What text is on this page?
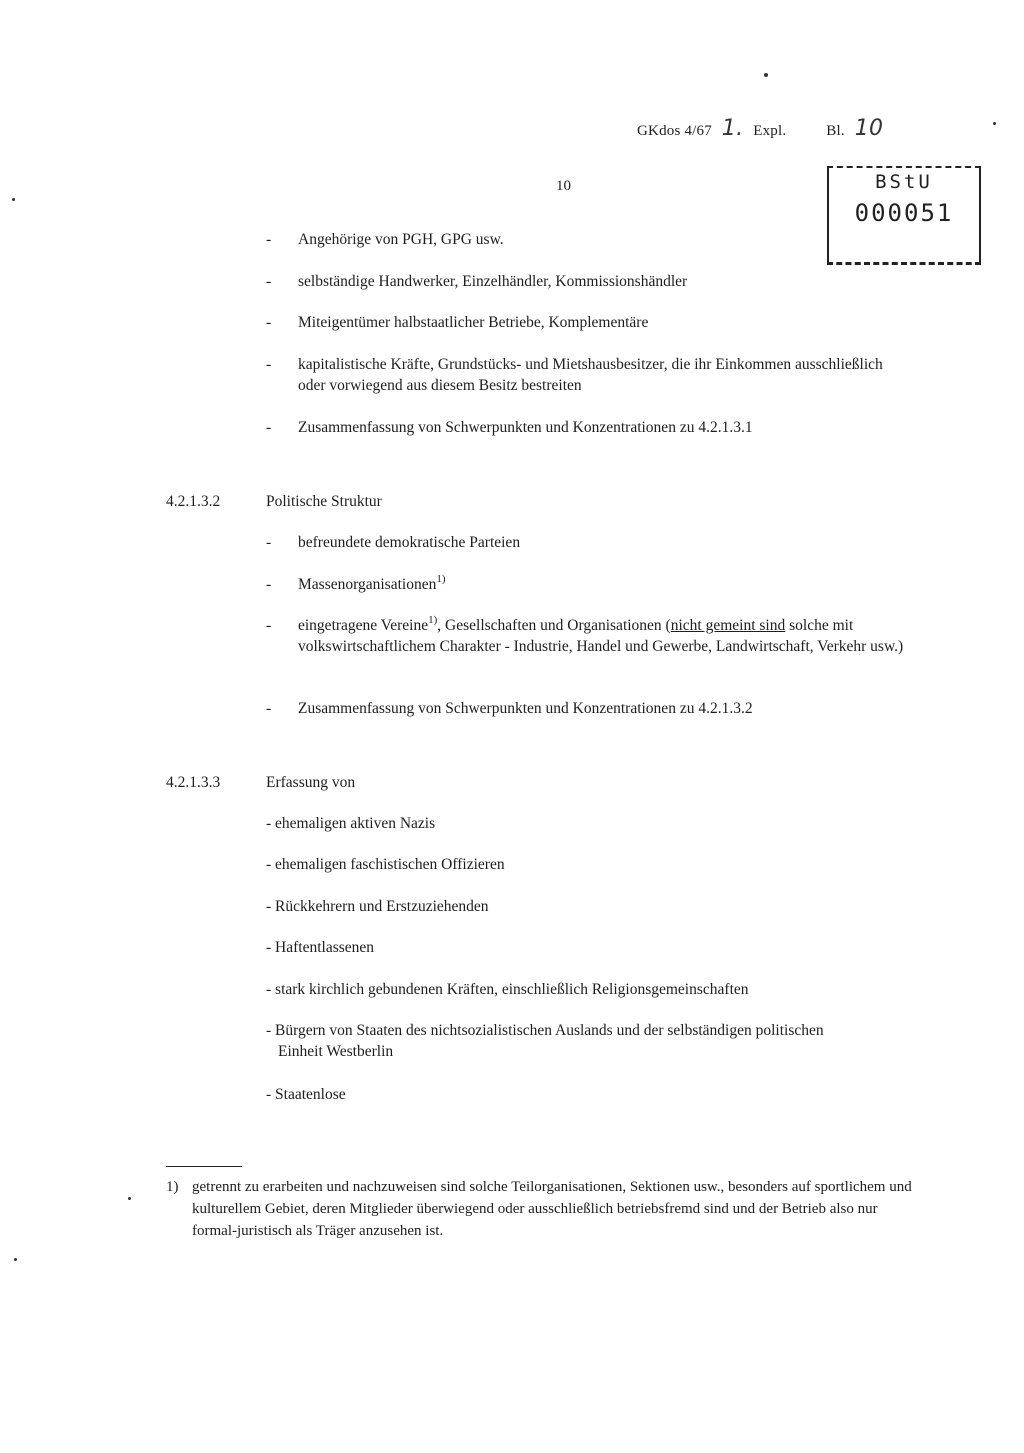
GKdos 4/67 1. Expl.	Bl. 10
10	BStU
000051
- Angehörige von PGH, GPG usw.
- selbständige Handwerker, Einzelhändler, Kommissionshändler
- Miteigentümer halbstaatlicher Betriebe, Komplementäre
- kapitalistische Kräfte, Grundstücks- und Mietshausbesitzer, die ihr Einkommen ausschließlich oder vorwiegend aus diesem Besitz bestreiten
- Zusammenfassung von Schwerpunkten und Konzentrationen zu 4.2.1.3.1
4.2.1.3.2	Politische Struktur
- befreundete demokratische Parteien
- Massenorganisationen$^{1)}$
- eingetragene Vereine$^{1)}$, Gesellschaften und Organisationen (nicht gemeint sind solche mit volkswirtschaftlichem Charakter - Industrie, Handel und Gewerbe, Landwirtschaft, Verkehr usw.)
- Zusammenfassung von Schwerpunkten und Konzentrationen zu 4.2.1.3.2
4.2.1.3.3	Erfassung von
- ehemaligen aktiven Nazis
- ehemaligen faschistischen Offizieren
- Rückkehrern und Erstzuziehenden
- Haftentlassenen
- stark kirchlich gebundenen Kräften, einschließlich Religionsgemeinschaften
- Bürgern von Staaten des nichtsozialistischen Auslands und der selbständigen politischen
Einheit Westberlin
- Staatenlose
1) getrennt zu erarbeiten und nachzuweisen sind solche Teilorganisationen, Sektionen usw., besonders auf sportlichem und kulturellem Gebiet, deren Mitglieder überwiegend oder ausschließlich betriebsfremd sind und der Betrieb also nur formal-juristisch als Träger anzusehen ist.
